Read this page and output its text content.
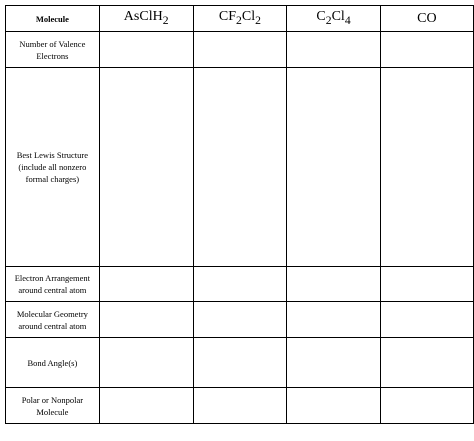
Molecule	AsClH$_2$	$CF_2Cl_2$	$C_2Cl_4$	CO

Number of Valence
Electrons				

Best Lewis Structure
(include all nonzero
formal charges)				

Electron Arrangement
around central atom				

Molecular Geometry
around central atom				

Bond Angle(s)				

Polar or Nonpolar
Molecule				
